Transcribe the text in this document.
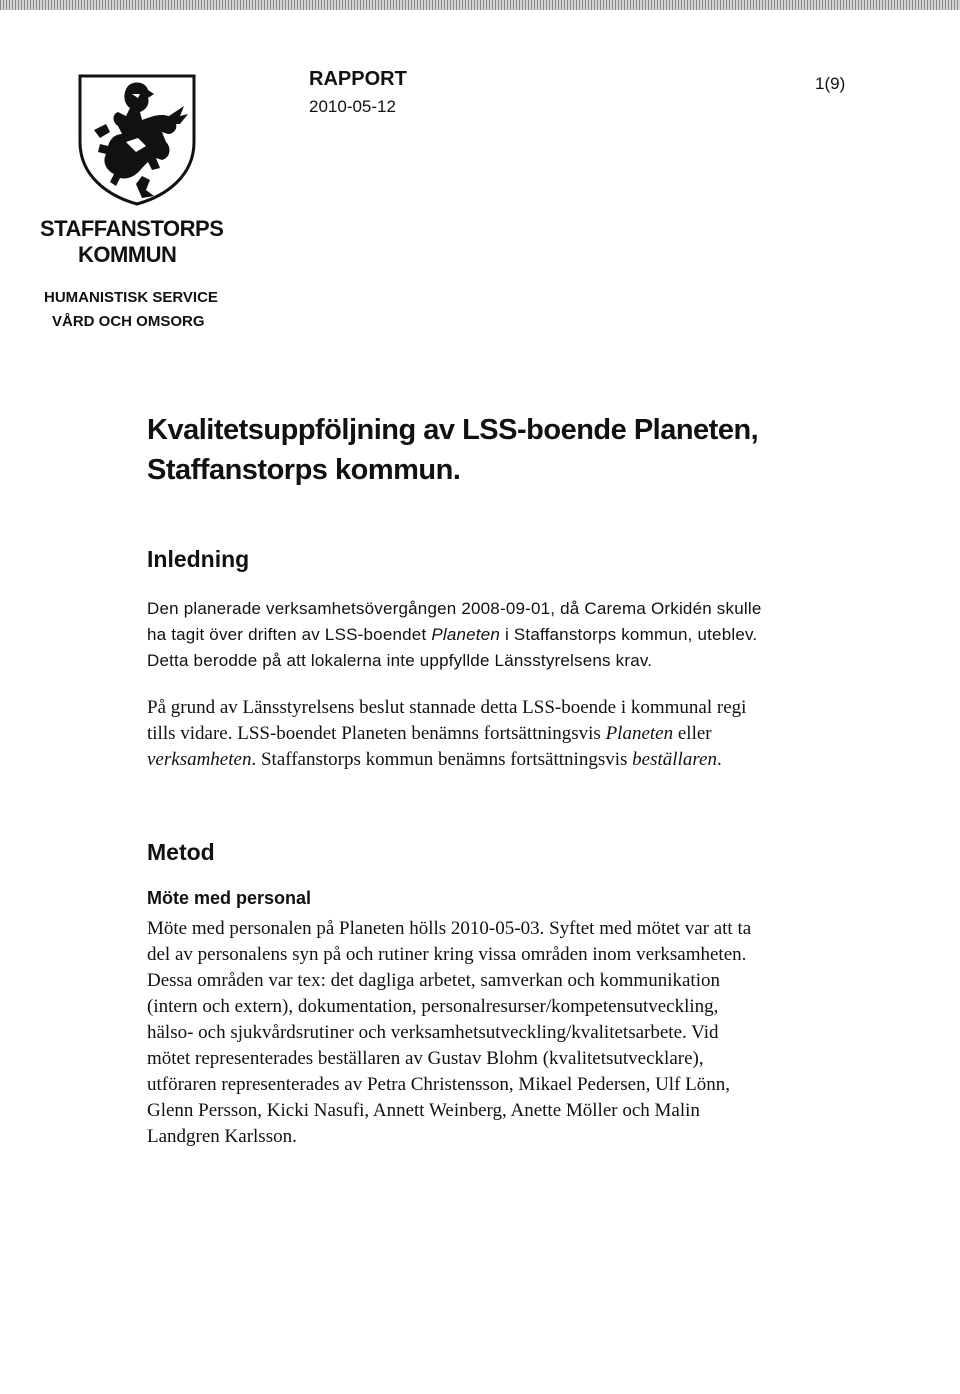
STAFFANSTORPS
KOMMUN
HUMANISTISK SERVICE
VÅRD OCH OMSORG
RAPPORT
2010-05-12
1(9)
Kvalitetsuppföljning av LSS-boende Planeten,
Staffanstorps kommun.
Inledning
Den planerade verksamhetsövergången 2008-09-01, då Carema Orkidén skulle
ha tagit över driften av LSS-boendet Planeten i Staffanstorps kommun, uteblev.
Detta berodde på att lokalerna inte uppfyllde Länsstyrelsens krav.
På grund av Länsstyrelsens beslut stannade detta LSS-boende i kommunal regi
tills vidare. LSS-boendet Planeten benämns fortsättningsvis Planeten eller
verksamheten. Staffanstorps kommun benämns fortsättningsvis beställaren.
Metod
Möte med personal
Möte med personalen på Planeten hölls 2010-05-03. Syftet med mötet var att ta
del av personalens syn på och rutiner kring vissa områden inom verksamheten.
Dessa områden var tex: det dagliga arbetet, samverkan och kommunikation
(intern och extern), dokumentation, personalresurser/kompetensutveckling,
hälso- och sjukvårdsrutiner och verksamhetsutveckling/kvalitetsarbete. Vid
mötet representerades beställaren av Gustav Blohm (kvalitetsutvecklare),
utföraren representerades av Petra Christensson, Mikael Pedersen, Ulf Lönn,
Glenn Persson, Kicki Nasufi, Annett Weinberg, Anette Möller och Malin
Landgren Karlsson.
